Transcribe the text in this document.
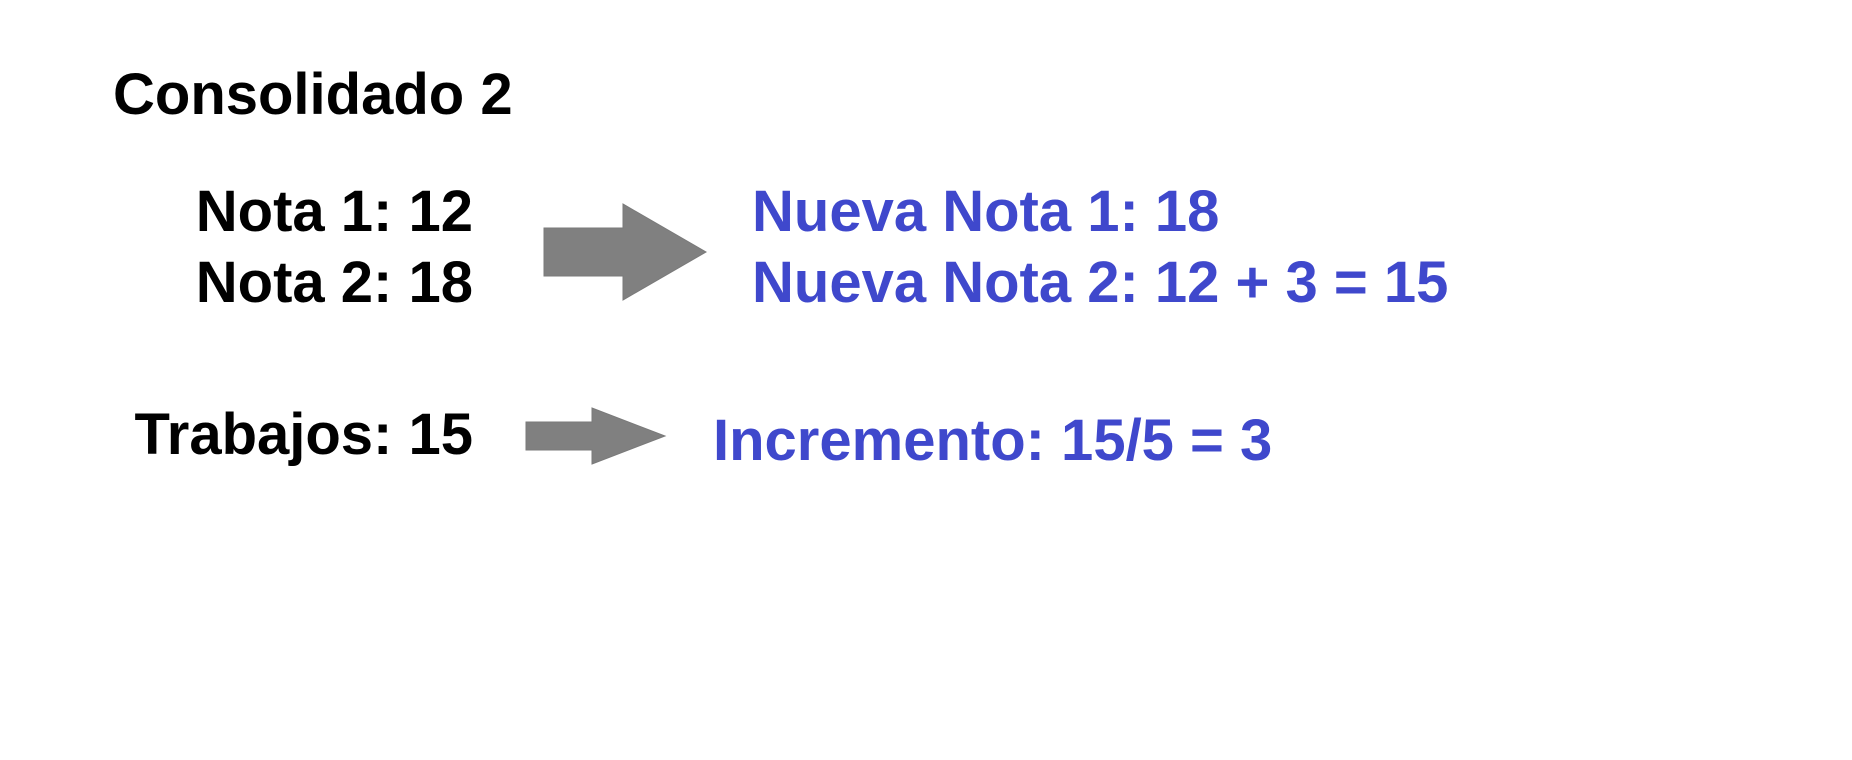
Consolidado 2
Nota 1: 12
Nota 2: 18
Trabajos: 15
Nueva Nota 1: 18
Nueva Nota 2: 12 + 3 = 15
Incremento: 15/5 = 3
